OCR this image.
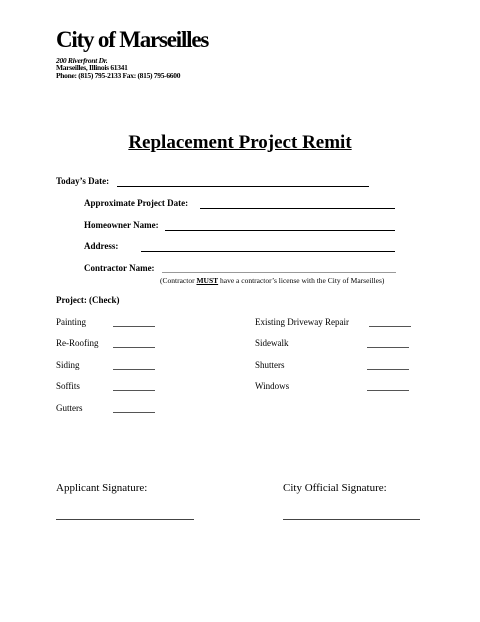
City of Marseilles
200 Riverfront Dr.
Marseilles, Illinois 61341
Phone: (815) 795-2133 Fax: (815) 795-6600
Replacement Project Remit
Today’s Date:
Approximate Project Date:
Homeowner Name:
Address:
Contractor Name:
(Contractor MUST have a contractor’s license with the City of Marseilles)
Project: (Check)
Painting
Re-Roofing
Siding
Soffits
Gutters
Existing Driveway Repair
Sidewalk
Shutters
Windows
Applicant Signature:	City Official Signature:
